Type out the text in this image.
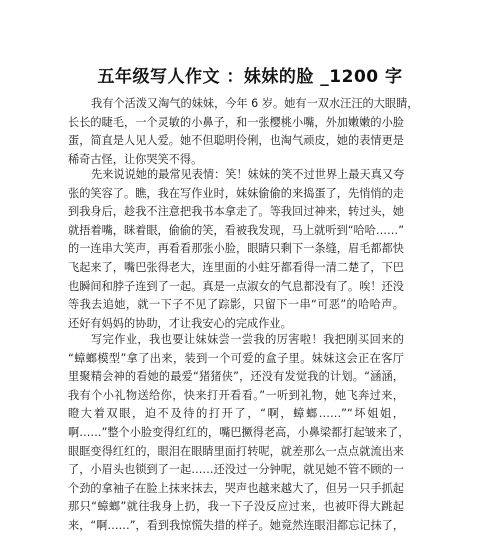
五年级写人作文 ：妹妹的脸 _1200 字
我有个活泼又淘气的妹妹，今年 6 岁。她有一双水汪汪的大眼睛，
长长的睫毛，一个灵敏的小鼻子，和一张樱桃小嘴，外加嫩嫩的小脸
蛋，简直是人见人爱。她不但聪明伶俐，也淘气顽皮，她的表情更是
稀奇古怪，让你哭笑不得。
先来说说她的最常见表情：笑！妹妹的笑不过世界上最天真又夸
张的笑容了。瞧，我在写作业时，妹妹偷偷的来捣蛋了，先悄悄的走
到我身后，趁我不注意把我书本拿走了。等我回过神来，转过头，她
就捂着嘴，眯着眼，偷偷的笑，看被我发现，马上就听到“哈哈……”
的一连串大笑声，再看看那张小脸，眼睛只剩下一条缝，眉毛都都快
飞起来了，嘴巴张得老大，连里面的小蛀牙都看得一清二楚了，下巴
也瞬间和脖子连到了一起。真是一点淑女的气息都没有了。唉！还没
等我去追她，就一下子不见了踪影，只留下一串“可恶”的哈哈声。
还好有妈妈的协助，才让我安心的完成作业。
写完作业，我也要让妹妹尝一尝我的厉害啦！我把刚买回来的
“蟑螂模型”拿了出来，装到一个可爱的盒子里。妹妹这会正在客厅
里聚精会神的看她的最爱“猪猪侠”，还没有发觉我的计划。“涵涵，
我有个小礼物送给你，快来打开看看。”一听到礼物，她飞奔过来，
瞪大着双眼，迫不及待的打开了，“啊，蟑螂……”“坏姐姐，
啊……”整个小脸变得红红的，嘴巴撅得老高，小鼻梁都打起皱来了，
眼眶变得红红的，眼泪在眼睛里面打转呢，就差那么一点点就流出来
了，小眉头也锁到了一起……还没过一分钟呢，就见她不管不顾的一
个劲的拿袖子在脸上抹来抹去，哭声也越来越大了，但另一只手抓起
那只“蟑螂”就往我身上扔，我一下子没反应过来，也被吓得大跳起
来，“啊……”，看到我惊慌失措的样子。她竟然连眼泪都忘记抹了，
